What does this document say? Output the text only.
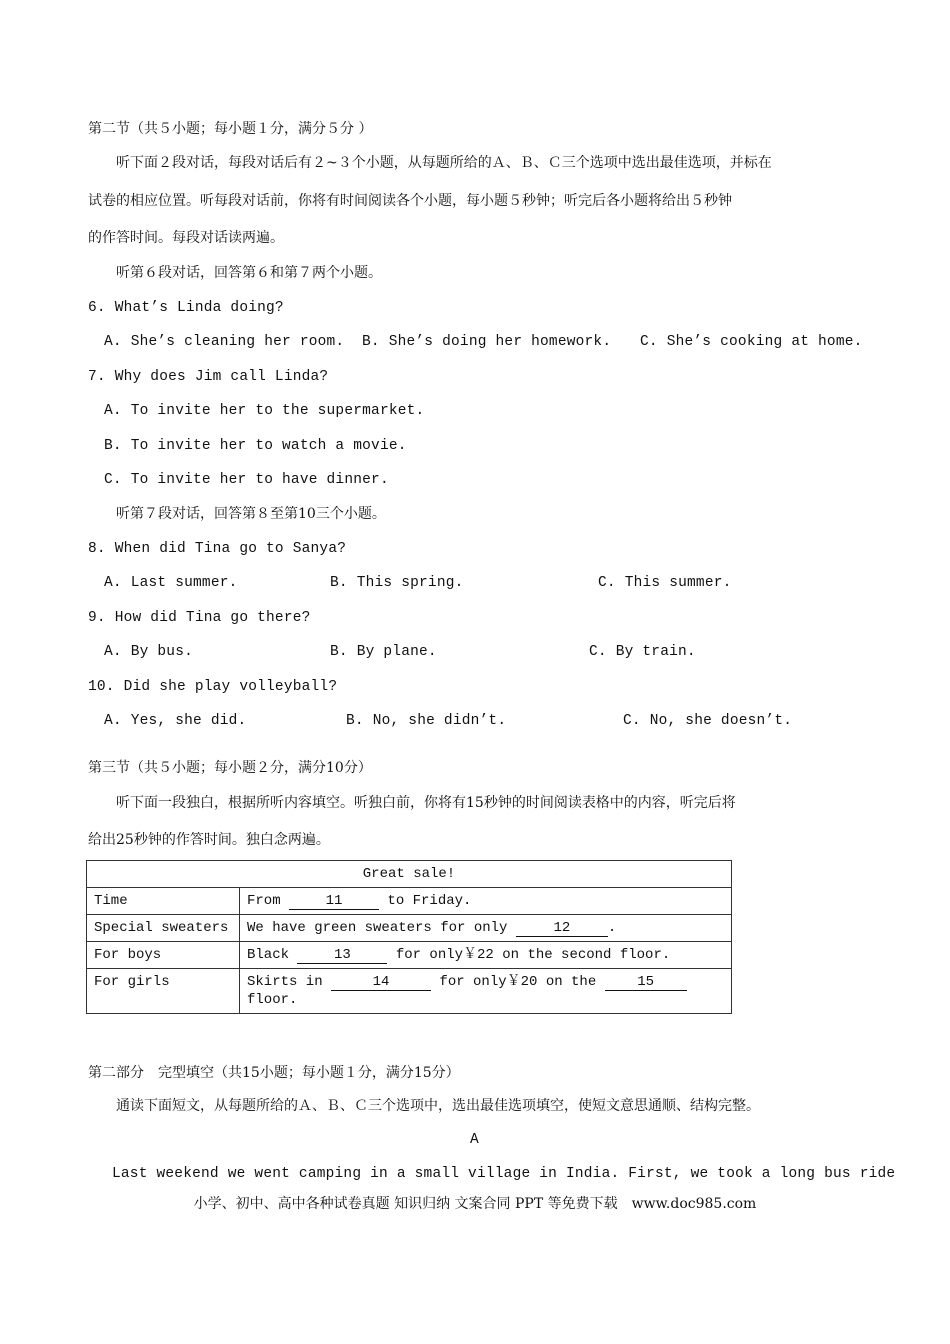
第二节（共５小题；每小题１分，满分５分 ）
听下面２段对话，每段对话后有２~３个小题，从每题所给的Ａ、Ｂ、Ｃ三个选项中选出最佳选项，并标在
试卷的相应位置。听每段对话前，你将有时间阅读各个小题，每小题５秒钟；听完后各小题将给出５秒钟
的作答时间。每段对话读两遍。
听第６段对话，回答第６和第７两个小题。
6. What’s Linda doing?
A. She’s cleaning her room. B. She’s doing her homework. C. She’s cooking at home.
7. Why does Jim call Linda?
A. To invite her to the supermarket.
B. To invite her to watch a movie.
C. To invite her to have dinner.
听第７段对话，回答第８至第10三个小题。
8. When did Tina go to Sanya?
A. Last summer.	B. This spring.	C. This summer.
9. How did Tina go there?
A. By bus.	B. By plane.	C. By train.
10. Did she play volleyball?
A. Yes, she did.	B. No, she didn’t.	C. No, she doesn’t.
第三节（共５小题；每小题２分，满分10分）
听下面一段独白，根据所听内容填空。听独白前，你将有15秒钟的时间阅读表格中的内容，听完后将
给出25秒钟的作答时间。独白念两遍。
Great sale!	
Time	From 11 to Friday.
Special sweaters	We have green sweaters for only 12 .
For boys	Black 13 for only￥22 on the second floor.
For girls	Skirts in 14 for only￥20 on the 15
floor.
第二部分　完型填空（共15小题；每小题１分，满分15分）
通读下面短文，从每题所给的Ａ、Ｂ、Ｃ三个选项中，选出最佳选项填空，使短文意思通顺、结构完整。
A
Last weekend we went camping in a small village in India. First, we took a long bus ride
小学、初中、高中各种试卷真题 知识归纳 文案合同 PPT 等免费下载　www.doc985.com
